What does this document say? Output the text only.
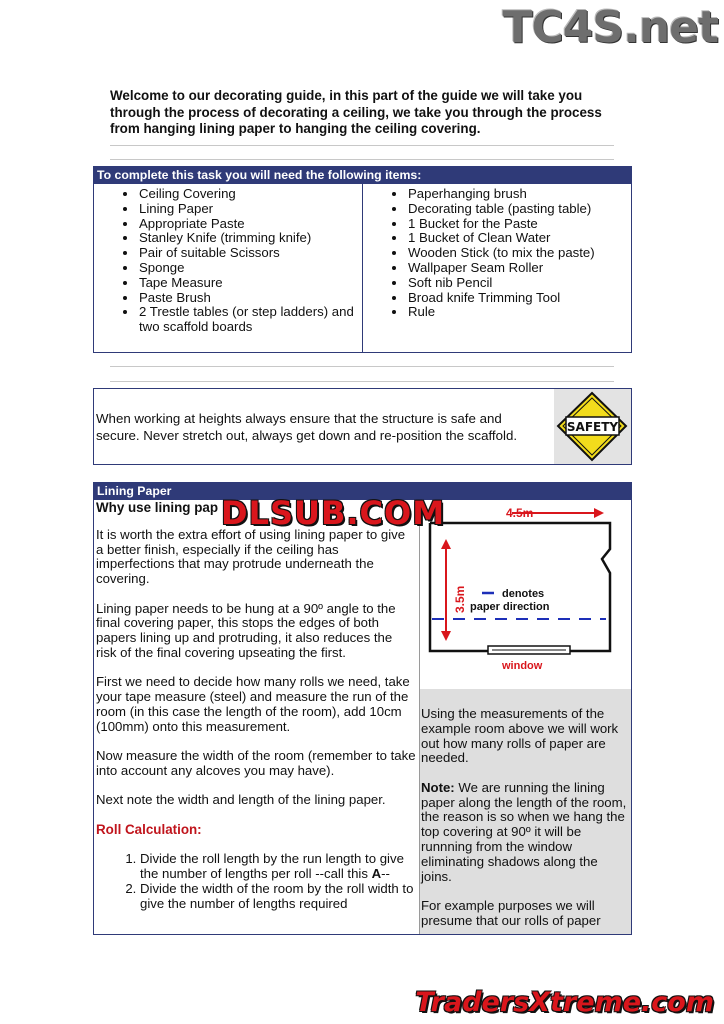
TC4S.net
Welcome to our decorating guide, in this part of the guide we will take you through the process of decorating a ceiling, we take you through the process from hanging lining paper to hanging the ceiling covering.
To complete this task you will need the following items:
• Ceiling Covering
• Lining Paper
• Appropriate Paste
• Stanley Knife (trimming knife)
• Pair of suitable Scissors
• Sponge
• Tape Measure
• Paste Brush
• 2 Trestle tables (or step ladders) and two scaffold boards
• Paperhanging brush
• Decorating table (pasting table)
• 1 Bucket for the Paste
• 1 Bucket of Clean Water
• Wooden Stick (to mix the paste)
• Wallpaper Seam Roller
• Soft nib Pencil
• Broad knife Trimming Tool
• Rule
When working at heights always ensure that the structure is safe and secure. Never stretch out, always get down and re-position the scaffold.
SAFETY
Lining Paper

Why use lining pap

It is worth the extra effort of using lining paper to give a better finish, especially if the ceiling has imperfections that may protrude underneath the covering.

Lining paper needs to be hung at a 90º angle to the final covering paper, this stops the edges of both papers lining up and protruding, it also reduces the risk of the final covering upseating the first.

First we need to decide how many rolls we need, take your tape measure (steel) and measure the run of the room (in this case the length of the room), add 10cm (100mm) onto this measurement.

Now measure the width of the room (remember to take into account any alcoves you may have).

Next note the width and length of the lining paper.

Roll Calculation:

1. Divide the roll length by the run length to give the number of lengths per roll --call this A--
2. Divide the width of the room by the roll width to give the number of lengths required
4.5m
3.5m	denotes
paper direction
window

Using the measurements of the example room above we will work out how many rolls of paper are needed.

Note: We are running the lining paper along the length of the room, the reason is so when we hang the top covering at 90º it will be runnning from the window eliminating shadows along the joins.

For example purposes we will presume that our rolls of paper

DLSUB.COM
TradersXtreme.com
